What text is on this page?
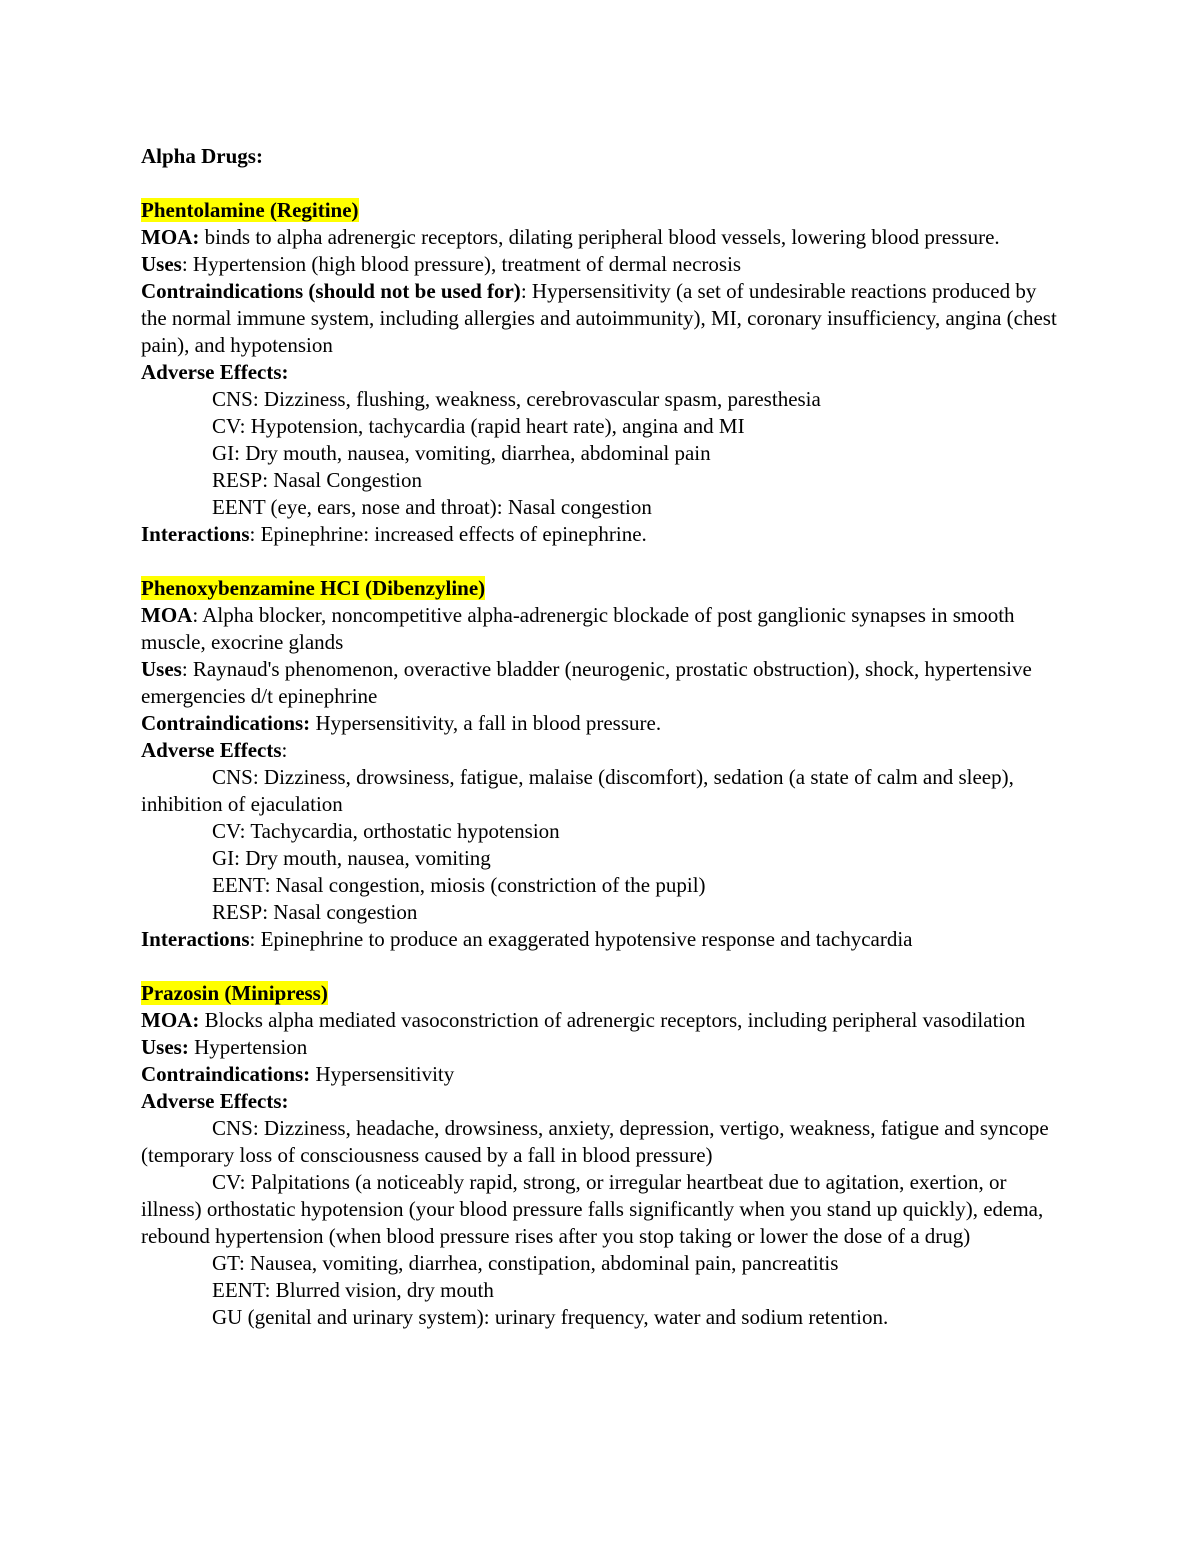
Alpha Drugs:

Phentolamine (Regitine)

MOA: binds to alpha adrenergic receptors, dilating peripheral blood vessels, lowering blood pressure.

Uses: Hypertension (high blood pressure), treatment of dermal necrosis

Contraindications (should not be used for): Hypersensitivity (a set of undesirable reactions produced by the normal immune system, including allergies and autoimmunity), MI, coronary insufficiency, angina (chest pain), and hypotension

Adverse Effects:

CNS: Dizziness, flushing, weakness, cerebrovascular spasm, paresthesia

CV: Hypotension, tachycardia (rapid heart rate), angina and MI

GI: Dry mouth, nausea, vomiting, diarrhea, abdominal pain

RESP: Nasal Congestion

EENT (eye, ears, nose and throat): Nasal congestion

Interactions: Epinephrine: increased effects of epinephrine.

Phenoxybenzamine HCI (Dibenzyline)

MOA: Alpha blocker, noncompetitive alpha-adrenergic blockade of post ganglionic synapses in smooth muscle, exocrine glands

Uses: Raynaud's phenomenon, overactive bladder (neurogenic, prostatic obstruction), shock, hypertensive emergencies d/t epinephrine

Contraindications: Hypersensitivity, a fall in blood pressure.

Adverse Effects:

CNS: Dizziness, drowsiness, fatigue, malaise (discomfort), sedation (a state of calm and sleep), inhibition of ejaculation

CV: Tachycardia, orthostatic hypotension

GI: Dry mouth, nausea, vomiting

EENT: Nasal congestion, miosis (constriction of the pupil)

RESP: Nasal congestion

Interactions: Epinephrine to produce an exaggerated hypotensive response and tachycardia

Prazosin (Minipress)

MOA: Blocks alpha mediated vasoconstriction of adrenergic receptors, including peripheral vasodilation

Uses: Hypertension

Contraindications: Hypersensitivity

Adverse Effects:

CNS: Dizziness, headache, drowsiness, anxiety, depression, vertigo, weakness, fatigue and syncope (temporary loss of consciousness caused by a fall in blood pressure)

CV: Palpitations (a noticeably rapid, strong, or irregular heartbeat due to agitation, exertion, or illness) orthostatic hypotension (your blood pressure falls significantly when you stand up quickly), edema, rebound hypertension (when blood pressure rises after you stop taking or lower the dose of a drug)

GT: Nausea, vomiting, diarrhea, constipation, abdominal pain, pancreatitis

EENT: Blurred vision, dry mouth

GU (genital and urinary system): urinary frequency, water and sodium retention.
